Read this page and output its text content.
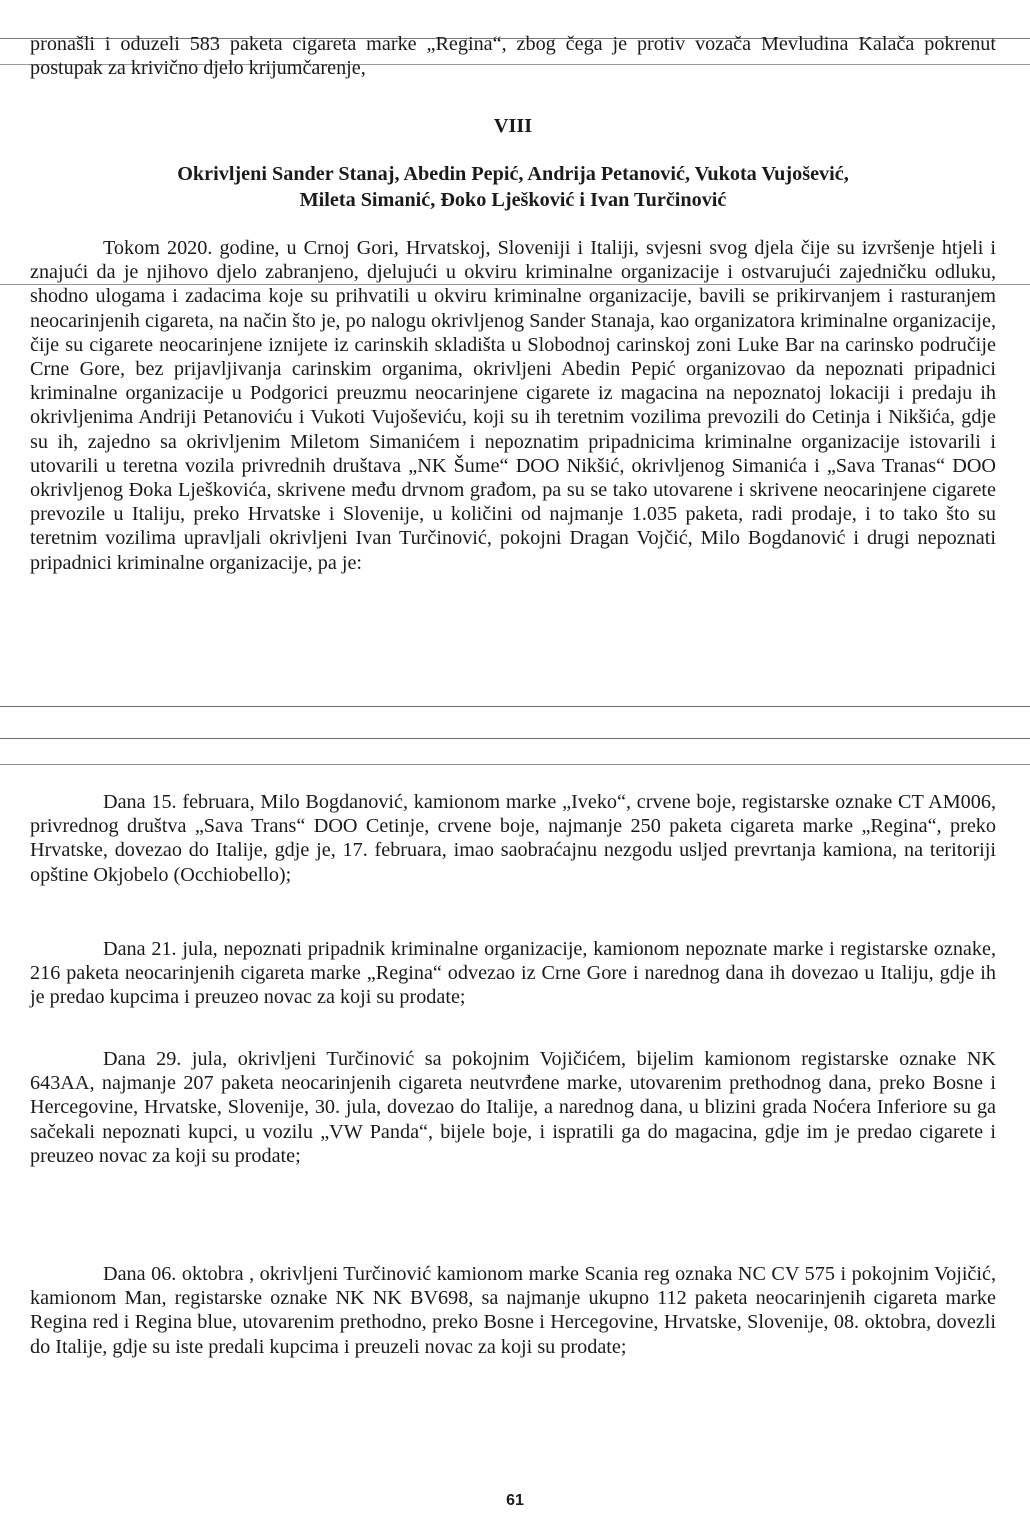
pronašli i oduzeli 583 paketa cigareta marke „Regina“, zbog čega je protiv vozača Mevludina Kalača pokrenut postupak za krivično djelo krijumčarenje,
VIII
Okrivljeni Sander Stanaj, Abedin Pepić, Andrija Petanović, Vukota Vujošević,
Mileta Simanić, Đoko Lješković i Ivan Turčinović
Tokom 2020. godine, u Crnoj Gori, Hrvatskoj, Sloveniji i Italiji, svjesni svog djela čije su izvršenje htjeli i znajući da je njihovo djelo zabranjeno, djelujući u okviru kriminalne organizacije i ostvarujući zajedničku odluku, shodno ulogama i zadacima koje su prihvatili u okviru kriminalne organizacije, bavili se prikirvanjem i rasturanjem neocarinjenih cigareta, na način što je, po nalogu okrivljenog Sander Stanaja, kao organizatora kriminalne organizacije, čije su cigarete neocarinjene iznijete iz carinskih skladišta u Slobodnoj carinskoj zoni Luke Bar na carinsko područije Crne Gore, bez prijavljivanja carinskim organima, okrivljeni Abedin Pepić organizovao da nepoznati pripadnici kriminalne organizacije u Podgorici preuzmu neocarinjene cigarete iz magacina na nepoznatoj lokaciji i predaju ih okrivljenima Andriji Petanoviću i Vukoti Vujoševiću, koji su ih teretnim vozilima prevozili do Cetinja i Nikšića, gdje su ih, zajedno sa okrivljenim Miletom Simanićem i nepoznatim pripadnicima kriminalne organizacije istovarili i utovarili u teretna vozila privrednih društava „NK Šume“ DOO Nikšić, okrivljenog Simanića i „Sava Tranas“ DOO okrivljenog Đoka Lješkovića, skrivene među drvnom građom, pa su se tako utovarene i skrivene neocarinjene cigarete prevozile u Italiju, preko Hrvatske i Slovenije, u količini od najmanje 1.035 paketa, radi prodaje, i to tako što su teretnim vozilima upravljali okrivljeni Ivan Turčinović, pokojni Dragan Vojčić, Milo Bogdanović i drugi nepoznati pripadnici kriminalne organizacije, pa je:
Dana 15. februara, Milo Bogdanović, kamionom marke „Iveko“, crvene boje, registarske oznake CT AM006, privrednog društva „Sava Trans“ DOO Cetinje, crvene boje, najmanje 250 paketa cigareta marke „Regina“, preko Hrvatske, dovezao do Italije, gdje je, 17. februara, imao saobraćajnu nezgodu usljed prevrtanja kamiona, na teritoriji opštine Okjobelo (Occhiobello);
Dana 21. jula, nepoznati pripadnik kriminalne organizacije, kamionom nepoznate marke i registarske oznake, 216 paketa neocarinjenih cigareta marke „Regina“ odvezao iz Crne Gore i narednog dana ih dovezao u Italiju, gdje ih je predao kupcima i preuzeo novac za koji su prodate;
Dana 29. jula, okrivljeni Turčinović sa pokojnim Vojičićem, bijelim kamionom registarske oznake NK 643AA, najmanje 207 paketa neocarinjenih cigareta neutvrđene marke, utovarenim prethodnog dana, preko Bosne i Hercegovine, Hrvatske, Slovenije, 30. jula, dovezao do Italije, a narednog dana, u blizini grada Noćera Inferiore su ga sačekali nepoznati kupci, u vozilu „VW Panda“, bijele boje, i ispratili ga do magacina, gdje im je predao cigarete i preuzeo novac za koji su prodate;
Dana 06. oktobra , okrivljeni Turčinović kamionom marke Scania reg oznaka NC CV 575 i pokojnim Vojičić, kamionom Man, registarske oznake NK NK BV698, sa najmanje ukupno 112 paketa neocarinjenih cigareta marke Regina red i Regina blue, utovarenim prethodno, preko Bosne i Hercegovine, Hrvatske, Slovenije, 08. oktobra, dovezli do Italije, gdje su iste predali kupcima i preuzeli novac za koji su prodate;
61
